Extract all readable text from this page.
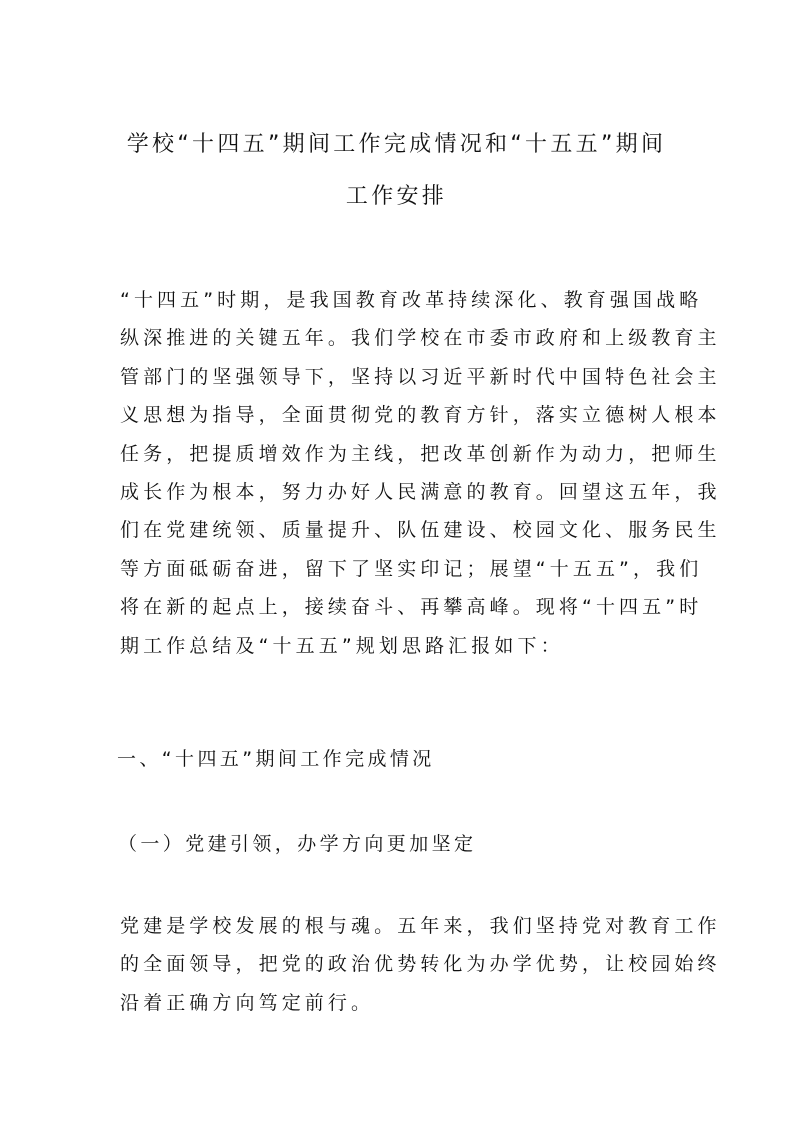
学校“十四五”期间工作完成情况和“十五五”期间
工作安排

“十四五”时期，是我国教育改革持续深化、教育强国战略
纵深推进的关键五年。我们学校在市委市政府和上级教育主
管部门的坚强领导下，坚持以习近平新时代中国特色社会主
义思想为指导，全面贯彻党的教育方针，落实立德树人根本
任务，把提质增效作为主线，把改革创新作为动力，把师生
成长作为根本，努力办好人民满意的教育。回望这五年，我
们在党建统领、质量提升、队伍建设、校园文化、服务民生
等方面砥砺奋进，留下了坚实印记；展望“十五五”，我们
将在新的起点上，接续奋斗、再攀高峰。现将“十四五”时
期工作总结及“十五五”规划思路汇报如下：

一、“十四五”期间工作完成情况
（一）党建引领，办学方向更加坚定

党建是学校发展的根与魂。五年来，我们坚持党对教育工作
的全面领导，把党的政治优势转化为办学优势，让校园始终
沿着正确方向笃定前行。
